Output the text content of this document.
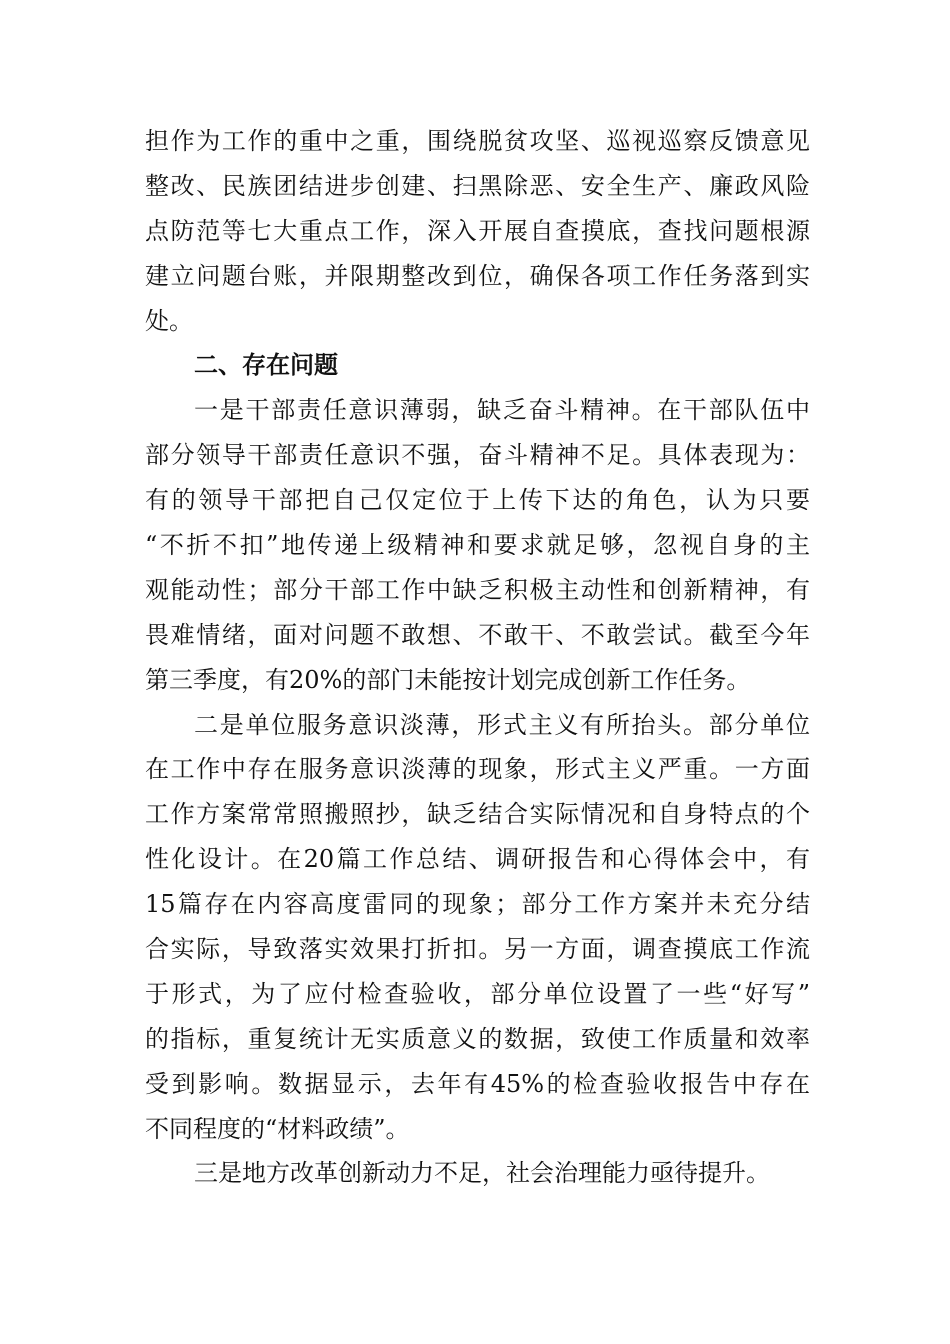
担作为工作的重中之重，围绕脱贫攻坚、巡视巡察反馈意见
整改、民族团结进步创建、扫黑除恶、安全生产、廉政风险
点防范等七大重点工作，深入开展自查摸底，查找问题根源
建立问题台账，并限期整改到位，确保各项工作任务落到实
处。
二、存在问题
一是干部责任意识薄弱，缺乏奋斗精神。在干部队伍中
部分领导干部责任意识不强，奋斗精神不足。具体表现为：
有的领导干部把自己仅定位于上传下达的角色，认为只要
“不折不扣”地传递上级精神和要求就足够，忽视自身的主
观能动性；部分干部工作中缺乏积极主动性和创新精神，有
畏难情绪，面对问题不敢想、不敢干、不敢尝试。截至今年
第三季度，有20%的部门未能按计划完成创新工作任务。
二是单位服务意识淡薄，形式主义有所抬头。部分单位
在工作中存在服务意识淡薄的现象，形式主义严重。一方面
工作方案常常照搬照抄，缺乏结合实际情况和自身特点的个
性化设计。在20篇工作总结、调研报告和心得体会中，有
15篇存在内容高度雷同的现象；部分工作方案并未充分结
合实际，导致落实效果打折扣。另一方面，调查摸底工作流
于形式，为了应付检查验收，部分单位设置了一些“好写”
的指标，重复统计无实质意义的数据，致使工作质量和效率
受到影响。数据显示，去年有45%的检查验收报告中存在
不同程度的“材料政绩”。
三是地方改革创新动力不足，社会治理能力亟待提升。
